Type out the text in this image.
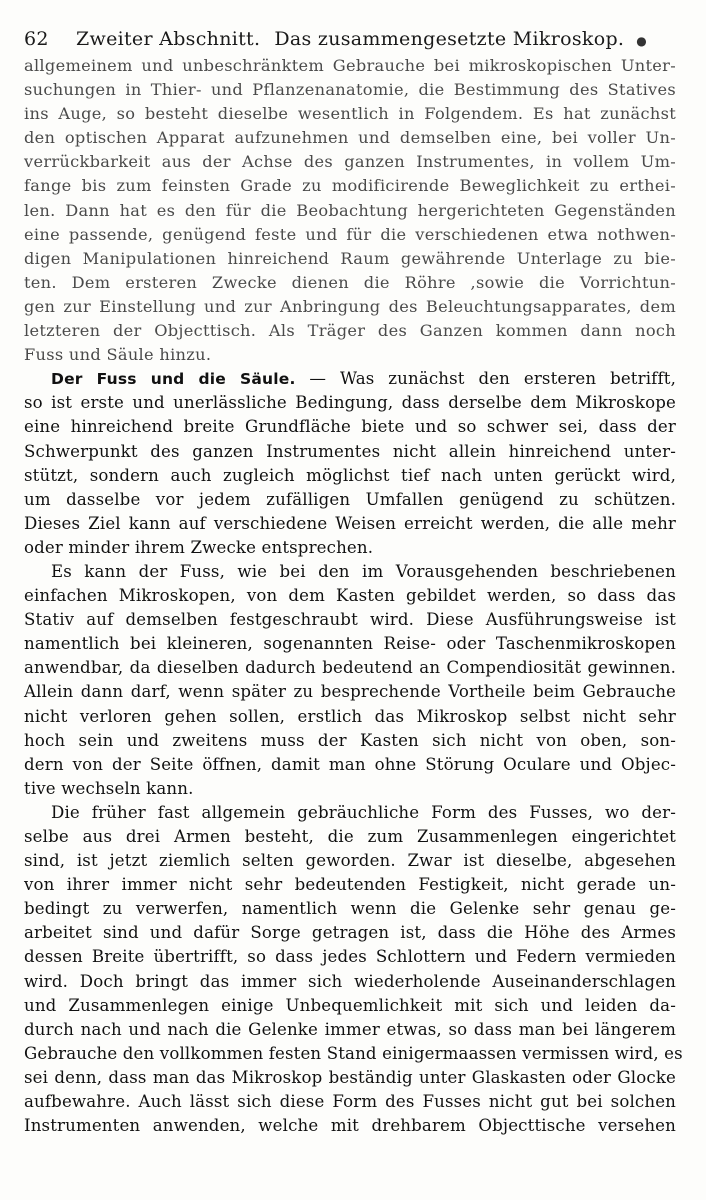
62	Zweiter Abschnitt. Das zusammengesetzte Mikroskop. ●
allgemeinem und unbeschränktem Gebrauche bei mikroskopischen Unter-
suchungen in Thier- und Pflanzenanatomie, die Bestimmung des Statives
ins Auge, so besteht dieselbe wesentlich in Folgendem. Es hat zunächst
den optischen Apparat aufzunehmen und demselben eine, bei voller Un-
verrückbarkeit aus der Achse des ganzen Instrumentes, in vollem Um-
fange bis zum feinsten Grade zu modificirende Beweglichkeit zu erthei-
len. Dann hat es den für die Beobachtung hergerichteten Gegenständen
eine passende, genügend feste und für die verschiedenen etwa nothwen-
digen Manipulationen hinreichend Raum gewährende Unterlage zu bie-
ten. Dem ersteren Zwecke dienen die Röhre ,sowie die Vorrichtun-
gen zur Einstellung und zur Anbringung des Beleuchtungsapparates, dem
letzteren der Objecttisch. Als Träger des Ganzen kommen dann noch
Fuss und Säule hinzu.
Der Fuss und die Säule. — Was zunächst den ersteren betrifft,
so ist erste und unerlässliche Bedingung, dass derselbe dem Mikroskope
eine hinreichend breite Grundfläche biete und so schwer sei, dass der
Schwerpunkt des ganzen Instrumentes nicht allein hinreichend unter-
stützt, sondern auch zugleich möglichst tief nach unten gerückt wird,
um dasselbe vor jedem zufälligen Umfallen genügend zu schützen.
Dieses Ziel kann auf verschiedene Weisen erreicht werden, die alle mehr
oder minder ihrem Zwecke entsprechen.
Es kann der Fuss, wie bei den im Vorausgehenden beschriebenen
einfachen Mikroskopen, von dem Kasten gebildet werden, so dass das
Stativ auf demselben festgeschraubt wird. Diese Ausführungsweise ist
namentlich bei kleineren, sogenannten Reise- oder Taschenmikroskopen
anwendbar, da dieselben dadurch bedeutend an Compendiosität gewinnen.
Allein dann darf, wenn später zu besprechende Vortheile beim Gebrauche
nicht verloren gehen sollen, erstlich das Mikroskop selbst nicht sehr
hoch sein und zweitens muss der Kasten sich nicht von oben, son-
dern von der Seite öffnen, damit man ohne Störung Oculare und Objec-
tive wechseln kann.
Die früher fast allgemein gebräuchliche Form des Fusses, wo der-
selbe aus drei Armen besteht, die zum Zusammenlegen eingerichtet
sind, ist jetzt ziemlich selten geworden. Zwar ist dieselbe, abgesehen
von ihrer immer nicht sehr bedeutenden Festigkeit, nicht gerade un-
bedingt zu verwerfen, namentlich wenn die Gelenke sehr genau ge-
arbeitet sind und dafür Sorge getragen ist, dass die Höhe des Armes
dessen Breite übertrifft, so dass jedes Schlottern und Federn vermieden
wird. Doch bringt das immer sich wiederholende Auseinanderschlagen
und Zusammenlegen einige Unbequemlichkeit mit sich und leiden da-
durch nach und nach die Gelenke immer etwas, so dass man bei längerem
Gebrauche den vollkommen festen Stand einigermaassen vermissen wird, es
sei denn, dass man das Mikroskop beständig unter Glaskasten oder Glocke
aufbewahre. Auch lässt sich diese Form des Fusses nicht gut bei solchen
Instrumenten anwenden, welche mit drehbarem Objecttische versehen
